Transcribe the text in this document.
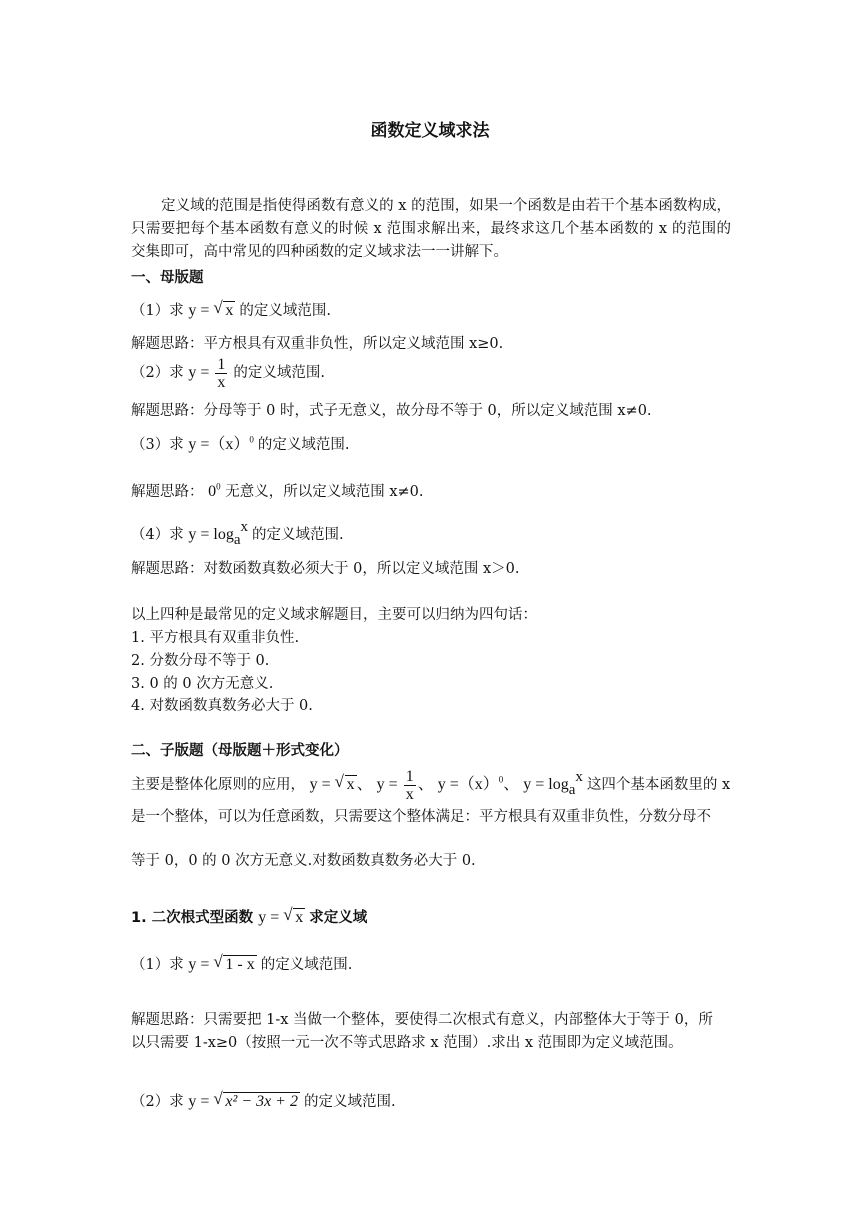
函数定义域求法
定义域的范围是指使得函数有意义的 x 的范围，如果一个函数是由若干个基本函数构成，只需要把每个基本函数有意义的时候 x 范围求解出来，最终求这几个基本函数的 x 的范围的交集即可，高中常见的四种函数的定义域求法一一讲解下。
一、母版题
（1）求 y = √ x 的定义域范围.
解题思路：平方根具有双重非负性，所以定义域范围 x≥0.
（2）求 $y = \frac{1}{x}$ 的定义域范围.
解题思路：分母等于 0 时，式子无意义，故分母不等于 0，所以定义域范围 x≠0.
（3）求 $y =(x)^0$ 的定义域范围.
解题思路： $0^0$ 无意义，所以定义域范围 x≠0.
（4）求 y = logax 的定义域范围.
解题思路：对数函数真数必须大于 0，所以定义域范围 x＞0.
以上四种是最常见的定义域求解题目，主要可以归纳为四句话：
1. 平方根具有双重非负性.
2. 分数分母不等于 0.
3. 0 的 0 次方无意义.
4. 对数函数真数务必大于 0.
二、子版题（母版题＋形式变化）
主要是整体化原则的应用， y = √ x 、 $y = \frac{1}{x}$ 、 $y =(x)^0$、 y = logax 这四个基本函数里的 x
是一个整体，可以为任意函数，只需要这个整体满足：平方根具有双重非负性，分数分母不
等于 0，0 的 0 次方无意义.对数函数真数务必大于 0.
1. 二次根式型函数 y = √ x 求定义域
（1）求 y = √ 1 - x 的定义域范围.
解题思路：只需要把 1-x 当做一个整体，要使得二次根式有意义，内部整体大于等于 0，所
以只需要 1-x≥0（按照一元一次不等式思路求 x 范围）.求出 x 范围即为定义域范围。
（2）求 y = √ x² − 3x + 2 的定义域范围.
